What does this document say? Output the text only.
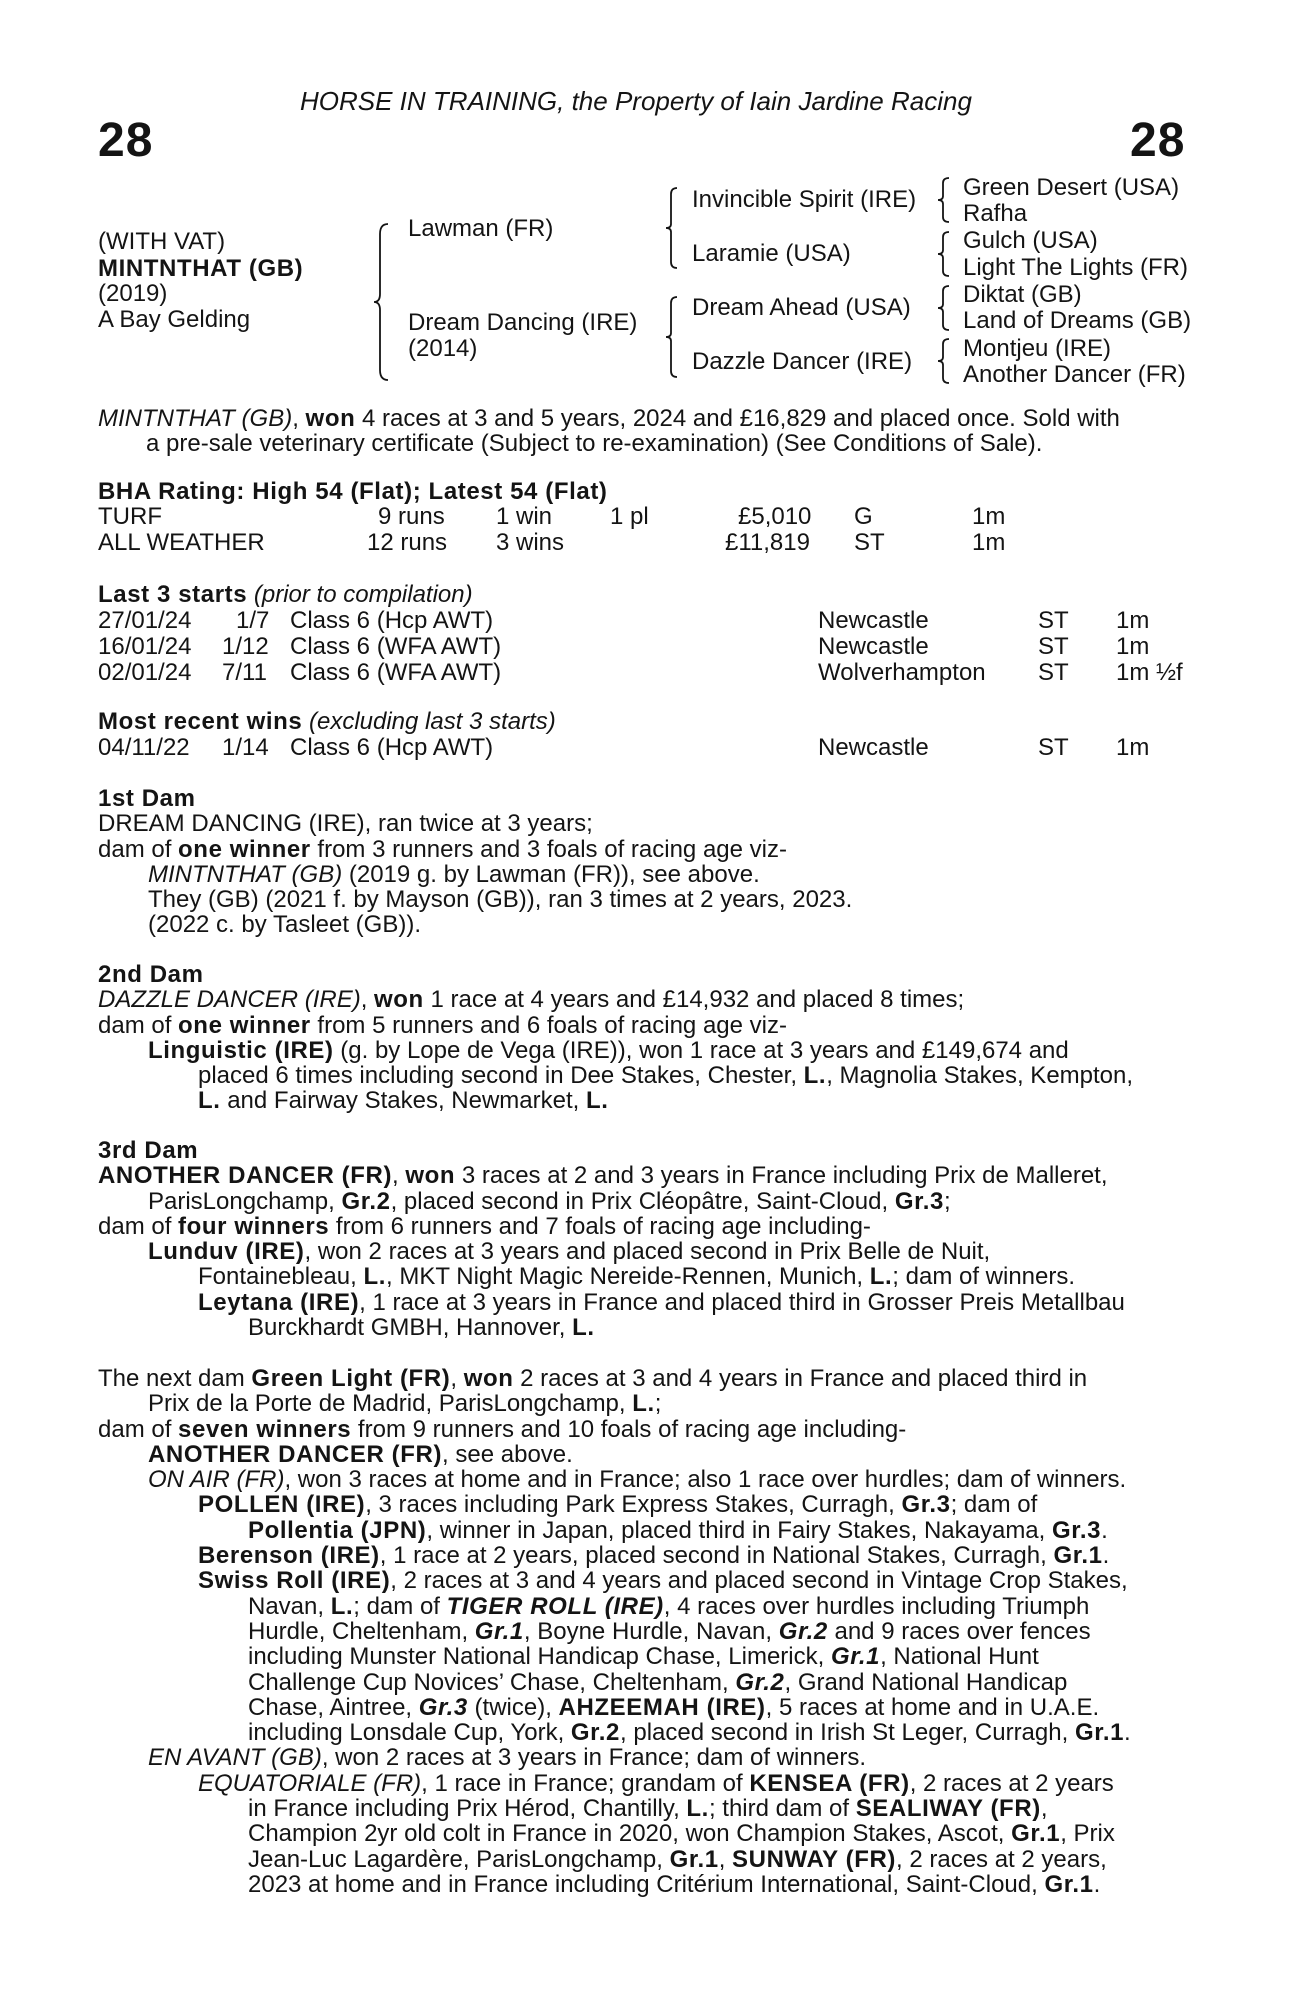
HORSE IN TRAINING, the Property of Iain Jardine Racing
28	28
(WITH VAT)
MINTNTHAT (GB)
(2019)
A Bay Gelding
Lawman (FR)
Dream Dancing (IRE)
(2014)
Invincible Spirit (IRE)
Laramie (USA)
Dream Ahead (USA)
Dazzle Dancer (IRE)
Green Desert (USA)
Rafha
Gulch (USA)
Light The Lights (FR)
Diktat (GB)
Land of Dreams (GB)
Montjeu (IRE)
Another Dancer (FR)
MINTNTHAT (GB), won 4 races at 3 and 5 years, 2024 and £16,829 and placed once. Sold with
a pre-sale veterinary certificate (Subject to re-examination) (See Conditions of Sale).
BHA Rating: High 54 (Flat); Latest 54 (Flat)
TURF	9 runs 1 win 1 pl	£5,010 G	1m
ALL WEATHER	12 runs 3 wins	£11,819 ST	1m
Last 3 starts (prior to compilation)
27/01/24 1/7 Class 6 (Hcp AWT)	Newcastle	ST 1m
16/01/24 1/12 Class 6 (WFA AWT)	Newcastle	ST 1m
02/01/24 7/11 Class 6 (WFA AWT)	Wolverhampton ST 1m ½f
Most recent wins (excluding last 3 starts)
04/11/22 1/14 Class 6 (Hcp AWT)	Newcastle	ST 1m
1st Dam
DREAM DANCING (IRE), ran twice at 3 years;
dam of one winner from 3 runners and 3 foals of racing age viz-
MINTNTHAT (GB) (2019 g. by Lawman (FR)), see above.
They (GB) (2021 f. by Mayson (GB)), ran 3 times at 2 years, 2023.
(2022 c. by Tasleet (GB)).
2nd Dam
DAZZLE DANCER (IRE), won 1 race at 4 years and £14,932 and placed 8 times;
dam of one winner from 5 runners and 6 foals of racing age viz-
Linguistic (IRE) (g. by Lope de Vega (IRE)), won 1 race at 3 years and £149,674 and
placed 6 times including second in Dee Stakes, Chester, L., Magnolia Stakes, Kempton,
L. and Fairway Stakes, Newmarket, L.
3rd Dam
ANOTHER DANCER (FR), won 3 races at 2 and 3 years in France including Prix de Malleret,
ParisLongchamp, Gr.2, placed second in Prix Cléopâtre, Saint-Cloud, Gr.3;
dam of four winners from 6 runners and 7 foals of racing age including-
Lunduv (IRE), won 2 races at 3 years and placed second in Prix Belle de Nuit,
Fontainebleau, L., MKT Night Magic Nereide-Rennen, Munich, L.; dam of winners.
Leytana (IRE), 1 race at 3 years in France and placed third in Grosser Preis Metallbau
Burckhardt GMBH, Hannover, L.
The next dam Green Light (FR), won 2 races at 3 and 4 years in France and placed third in
Prix de la Porte de Madrid, ParisLongchamp, L.;
dam of seven winners from 9 runners and 10 foals of racing age including-
ANOTHER DANCER (FR), see above.
ON AIR (FR), won 3 races at home and in France; also 1 race over hurdles; dam of winners.
POLLEN (IRE), 3 races including Park Express Stakes, Curragh, Gr.3; dam of
Pollentia (JPN), winner in Japan, placed third in Fairy Stakes, Nakayama, Gr.3.
Berenson (IRE), 1 race at 2 years, placed second in National Stakes, Curragh, Gr.1.
Swiss Roll (IRE), 2 races at 3 and 4 years and placed second in Vintage Crop Stakes,
Navan, L.; dam of TIGER ROLL (IRE), 4 races over hurdles including Triumph
Hurdle, Cheltenham, Gr.1, Boyne Hurdle, Navan, Gr.2 and 9 races over fences
including Munster National Handicap Chase, Limerick, Gr.1, National Hunt
Challenge Cup Novices’ Chase, Cheltenham, Gr.2, Grand National Handicap
Chase, Aintree, Gr.3 (twice), AHZEEMAH (IRE), 5 races at home and in U.A.E.
including Lonsdale Cup, York, Gr.2, placed second in Irish St Leger, Curragh, Gr.1.
EN AVANT (GB), won 2 races at 3 years in France; dam of winners.
EQUATORIALE (FR), 1 race in France; grandam of KENSEA (FR), 2 races at 2 years
in France including Prix Hérod, Chantilly, L.; third dam of SEALIWAY (FR),
Champion 2yr old colt in France in 2020, won Champion Stakes, Ascot, Gr.1, Prix
Jean-Luc Lagardère, ParisLongchamp, Gr.1, SUNWAY (FR), 2 races at 2 years,
2023 at home and in France including Critérium International, Saint-Cloud, Gr.1.
